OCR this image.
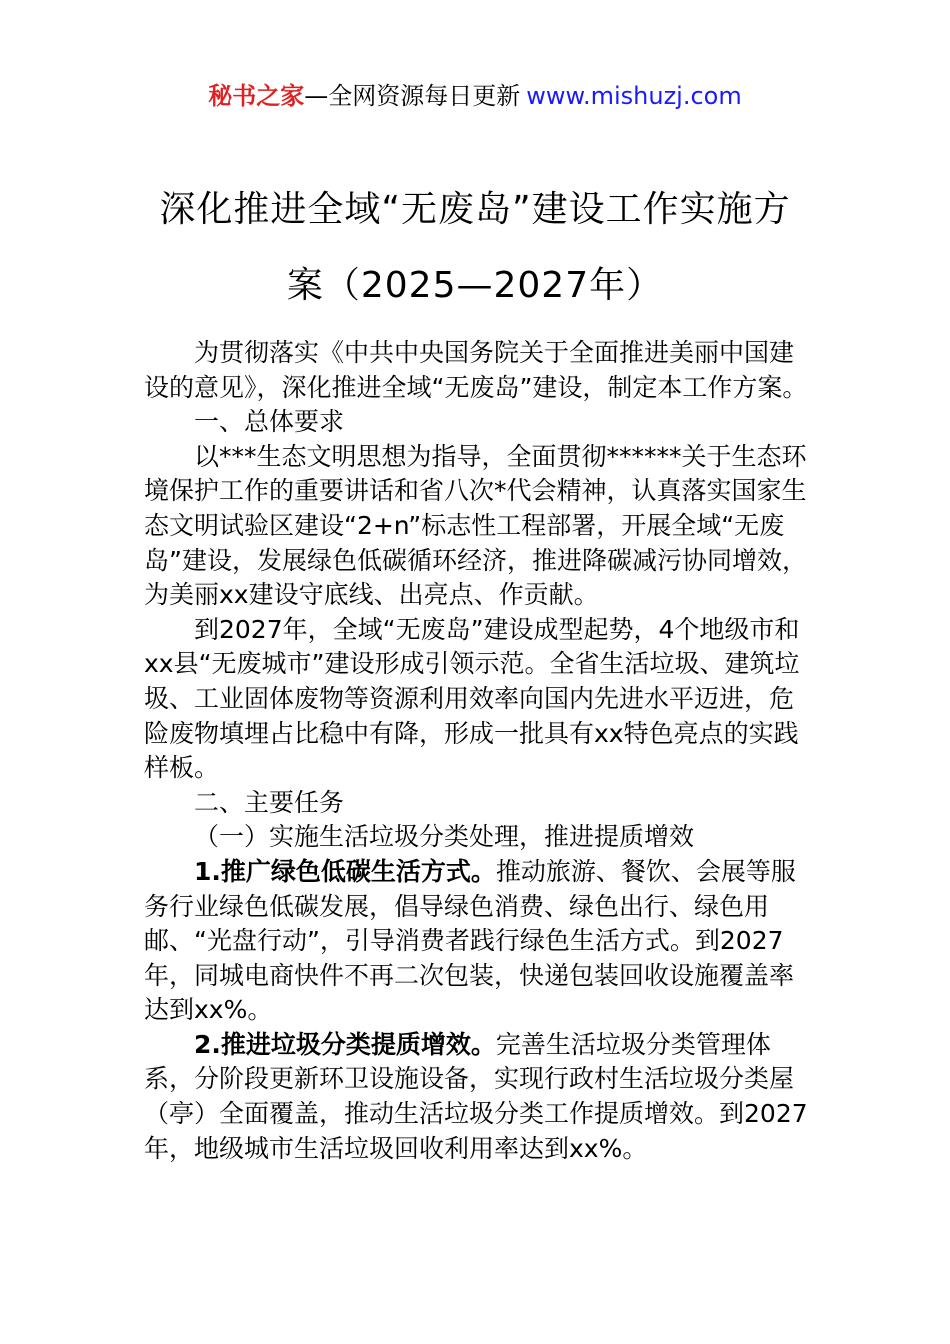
秘书之家—全网资源每日更新 www.mishuzj.com
深化推进全域“无废岛”建设工作实施方
案（2025—2027年）

为贯彻落实《中共中央国务院关于全面推进美丽中国建设的意见》，深化推进全域“无废岛”建设，制定本工作方案。

一、总体要求

以***生态文明思想为指导，全面贯彻******关于生态环境保护工作的重要讲话和省八次*代会精神，认真落实国家生态文明试验区建设“2+n”标志性工程部署，开展全域“无废岛”建设，发展绿色低碳循环经济，推进降碳减污协同增效，为美丽xx建设守底线、出亮点、作贡献。

到2027年，全域“无废岛”建设成型起势，4个地级市和xx县“无废城市”建设形成引领示范。全省生活垃圾、建筑垃圾、工业固体废物等资源利用效率向国内先进水平迈进，危险废物填埋占比稳中有降，形成一批具有xx特色亮点的实践样板。

二、主要任务

（一）实施生活垃圾分类处理，推进提质增效

1.推广绿色低碳生活方式。推动旅游、餐饮、会展等服务行业绿色低碳发展，倡导绿色消费、绿色出行、绿色用邮、“光盘行动”，引导消费者践行绿色生活方式。到2027年，同城电商快件不再二次包装，快递包装回收设施覆盖率达到xx%。

2.推进垃圾分类提质增效。完善生活垃圾分类管理体系，分阶段更新环卫设施设备，实现行政村生活垃圾分类屋（亭）全面覆盖，推动生活垃圾分类工作提质增效。到2027年，地级城市生活垃圾回收利用率达到xx%。
